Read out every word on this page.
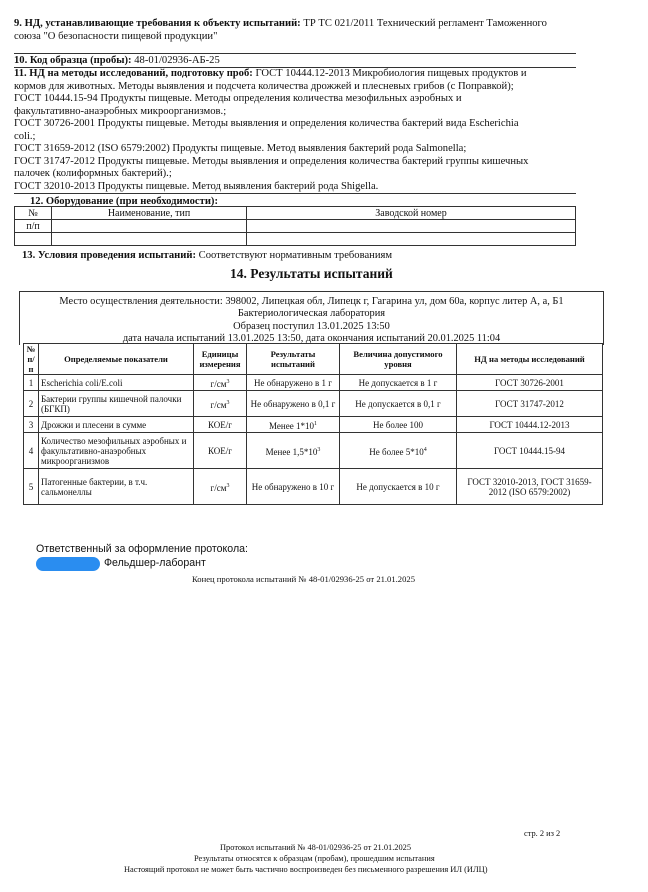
9. НД, устанавливающие требования к объекту испытаний: ТР ТС 021/2011 Технический регламент Таможенного союза "О безопасности пищевой продукции"
10. Код образца (пробы): 48-01/02936-АБ-25
11. НД на методы исследований, подготовку проб: ГОСТ 10444.12-2013 Микробиология пищевых продуктов и
кормов для животных. Методы выявления и подсчета количества дрожжей и плесневых грибов (с Поправкой);
ГОСТ 10444.15-94 Продукты пищевые. Методы определения количества мезофильных аэробных и
факультативно-анаэробных микроорганизмов.;
ГОСТ 30726-2001 Продукты пищевые. Методы выявления и определения количества бактерий вида Escherichia
coli.;
ГОСТ 31659-2012 (ISO 6579:2002) Продукты пищевые. Метод выявления бактерий рода Salmonella;
ГОСТ 31747-2012 Продукты пищевые. Методы выявления и определения количества бактерий группы кишечных
палочек (колиформных бактерий).;
ГОСТ 32010-2013 Продукты пищевые. Метод выявления бактерий рода Shigella.
12. Оборудование (при необходимости):
№	Наименование, тип	Заводской номер
п/п		

13. Условия проведения испытаний: Соответствуют нормативным требованиям
14. Результаты испытаний
Место осуществления деятельности: 398002, Липецкая обл, Липецк г, Гагарина ул, дом 60а, корпус литер А, а, Б1
Бактериологическая лаборатория
Образец поступил 13.01.2025 13:50
дата начала испытаний 13.01.2025 13:50, дата окончания испытаний 20.01.2025 11:04
№ п/п	Определяемые показатели	Единицы измерения	Результаты испытаний	Величина допустимого уровня	НД на методы исследований
1	Escherichia coli/E.coli	$г/см^3$	Не обнаружено в 1 г	Не допускается в 1 г	ГОСТ 30726-2001
2	Бактерии группы кишечной палочки (БГКП)	$г/см^3$	Не обнаружено в 0,1 г	Не допускается в 0,1 г	ГОСТ 31747-2012
3	Дрожжи и плесени в сумме	КОЕ/г	Менее $1*10^1$	Не более 100	ГОСТ 10444.12-2013
4	Количество мезофильных аэробных и факультативно-анаэробных микроорганизмов	КОЕ/г	Менее $1,5*10^3$	Не более $5*10^4$	ГОСТ 10444.15-94
5	Патогенные бактерии, в т.ч. сальмонеллы	$г/см^3$	Не обнаружено в 10 г	Не допускается в 10 г	ГОСТ 32010-2013, ГОСТ 31659-2012 (ISO 6579:2002)
Ответственный за оформление протокола:
Фельдшер-лаборант
Конец протокола испытаний № 48-01/02936-25 от 21.01.2025
стр. 2 из 2
Протокол испытаний № 48-01/02936-25 от 21.01.2025
Результаты относятся к образцам (пробам), прошедшим испытания
Настоящий протокол не может быть частично воспроизведен без письменного разрешения ИЛ (ИЛЦ)
